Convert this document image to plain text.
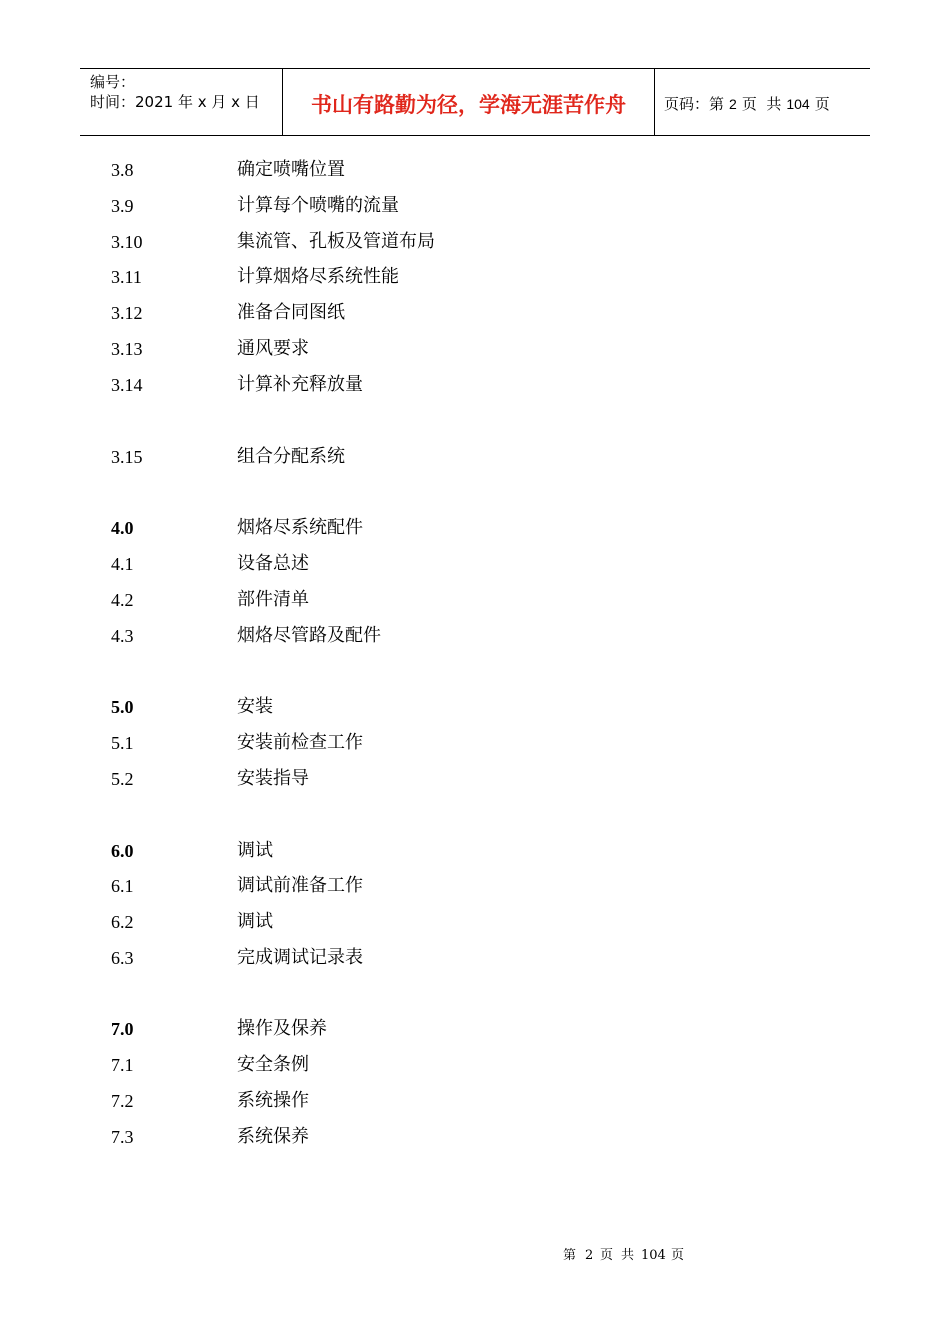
编号：
时间：2021 年 x 月 x 日	书山有路勤为径，学海无涯苦作舟	页码：第 2 页  共 104 页
3.8	确定喷嘴位置
3.9	计算每个喷嘴的流量
3.10	集流管、孔板及管道布局
3.11	计算烟烙尽系统性能
3.12	准备合同图纸
3.13	通风要求
3.14	计算补充释放量
3.15	组合分配系统
4.0	烟烙尽系统配件
4.1	设备总述
4.2	部件清单
4.3	烟烙尽管路及配件
5.0	安装
5.1	安装前检查工作
5.2	安装指导
6.0	调试
6.1	调试前准备工作
6.2	调试
6.3	完成调试记录表
7.0	操作及保养
7.1	安全条例
7.2	系统操作
7.3	系统保养
第 2 页 共 104 页
